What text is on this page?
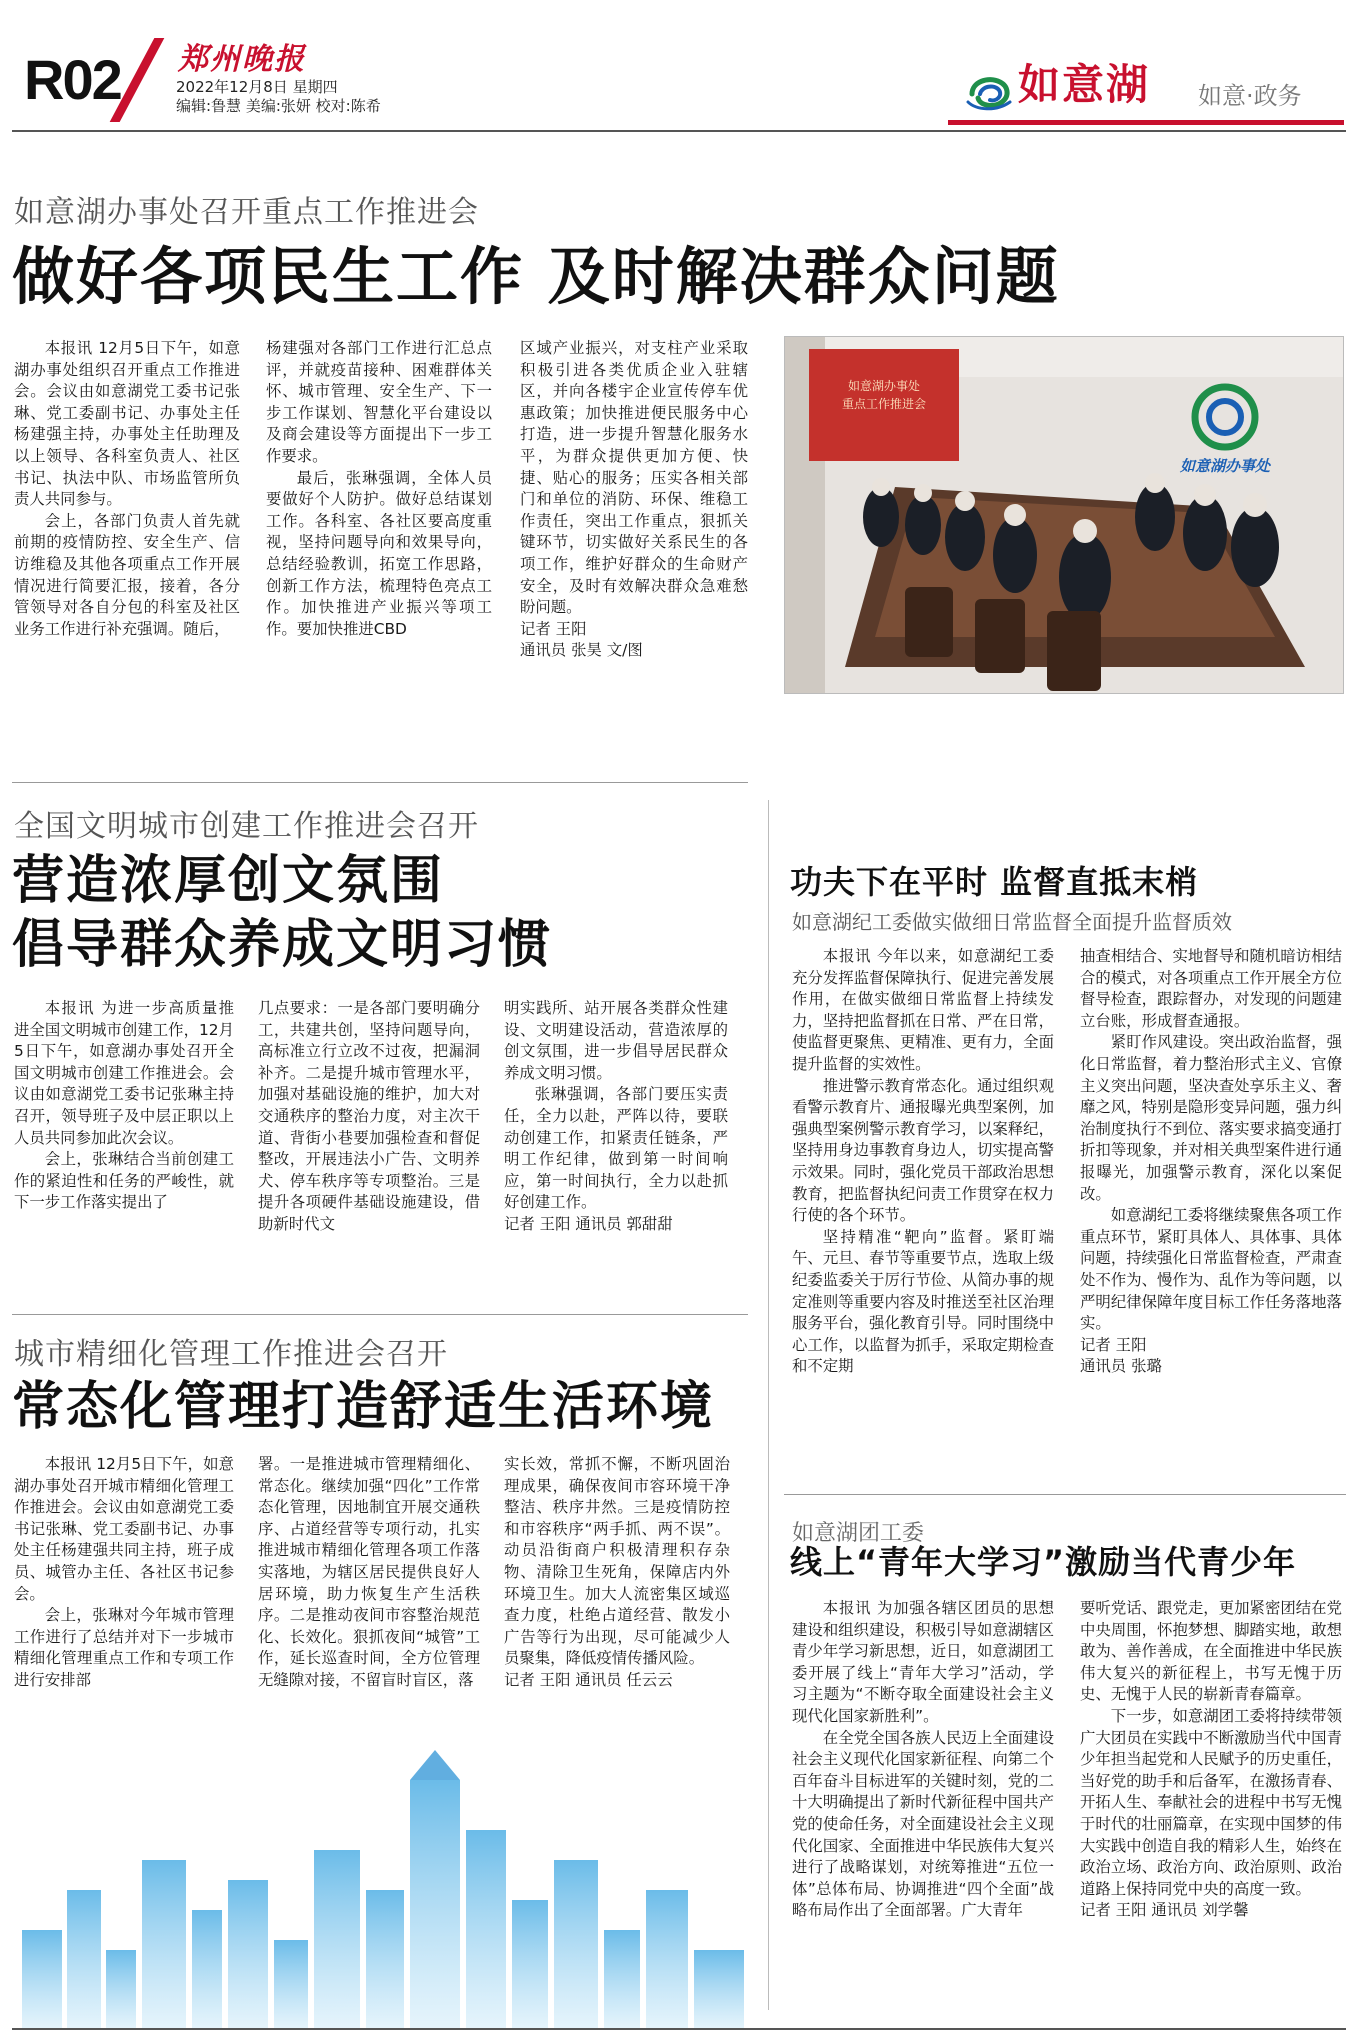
R02 郑州晚报
2022年12月8日 星期四
编辑:鲁慧 美编:张妍 校对:陈希	如意湖 如意·政务
如意湖办事处召开重点工作推进会
做好各项民生工作 及时解决群众问题

本报讯 12月5日下午，如意湖办事处组织召开重点工作推进会。会议由如意湖党工委书记张琳、党工委副书记、办事处主任杨建强主持，办事处主任助理及以上领导、各科室负责人、社区书记、执法中队、市场监管所负责人共同参与。

会上，各部门负责人首先就前期的疫情防控、安全生产、信访维稳及其他各项重点工作开展情况进行简要汇报，接着，各分管领导对各自分包的科室及社区业务工作进行补充强调。随后，

杨建强对各部门工作进行汇总点评，并就疫苗接种、困难群体关怀、城市管理、安全生产、下一步工作谋划、智慧化平台建设以及商会建设等方面提出下一步工作要求。

最后，张琳强调，全体人员要做好个人防护。做好总结谋划工作。各科室、各社区要高度重视，坚持问题导向和效果导向，总结经验教训，拓宽工作思路，创新工作方法，梳理特色亮点工作。加快推进产业振兴等项工作。要加快推进CBD

区域产业振兴，对支柱产业采取积极引进各类优质企业入驻辖区，并向各楼宇企业宣传停车优惠政策；加快推进便民服务中心打造，进一步提升智慧化服务水平，为群众提供更加方便、快捷、贴心的服务；压实各相关部门和单位的消防、环保、维稳工作责任，突出工作重点，狠抓关键环节，切实做好关系民生的各项工作，维护好群众的生命财产安全，及时有效解决群众急难愁盼问题。

记者 王阳

通讯员 张昊 文/图

如意湖办事处
重点工作推进会
如意湖办事处
全国文明城市创建工作推进会召开
营造浓厚创文氛围
倡导群众养成文明习惯

本报讯 为进一步高质量推进全国文明城市创建工作，12月5日下午，如意湖办事处召开全国文明城市创建工作推进会。会议由如意湖党工委书记张琳主持召开，领导班子及中层正职以上人员共同参加此次会议。

会上，张琳结合当前创建工作的紧迫性和任务的严峻性，就下一步工作落实提出了

几点要求：一是各部门要明确分工，共建共创，坚持问题导向，高标准立行立改不过夜，把漏洞补齐。二是提升城市管理水平，加强对基础设施的维护，加大对交通秩序的整治力度，对主次干道、背街小巷要加强检查和督促整改，开展违法小广告、文明养犬、停车秩序等专项整治。三是提升各项硬件基础设施建设，借助新时代文

明实践所、站开展各类群众性建设、文明建设活动，营造浓厚的创文氛围，进一步倡导居民群众养成文明习惯。

张琳强调，各部门要压实责任，全力以赴，严阵以待，要联动创建工作，扣紧责任链条，严明工作纪律，做到第一时间响应，第一时间执行，全力以赴抓好创建工作。

记者 王阳 通讯员 郭甜甜

功夫下在平时 监督直抵末梢
如意湖纪工委做实做细日常监督全面提升监督质效

本报讯 今年以来，如意湖纪工委充分发挥监督保障执行、促进完善发展作用，在做实做细日常监督上持续发力，坚持把监督抓在日常、严在日常，使监督更聚焦、更精准、更有力，全面提升监督的实效性。

推进警示教育常态化。通过组织观看警示教育片、通报曝光典型案例，加强典型案例警示教育学习，以案释纪，坚持用身边事教育身边人，切实提高警示效果。同时，强化党员干部政治思想教育，把监督执纪问责工作贯穿在权力行使的各个环节。

坚持精准“靶向”监督。紧盯端午、元旦、春节等重要节点，选取上级纪委监委关于厉行节俭、从简办事的规定准则等重要内容及时推送至社区治理服务平台，强化教育引导。同时围绕中心工作，以监督为抓手，采取定期检查和不定期

抽查相结合、实地督导和随机暗访相结合的模式，对各项重点工作开展全方位督导检查，跟踪督办，对发现的问题建立台账，形成督查通报。

紧盯作风建设。突出政治监督，强化日常监督，着力整治形式主义、官僚主义突出问题，坚决查处享乐主义、奢靡之风，特别是隐形变异问题，强力纠治制度执行不到位、落实要求搞变通打折扣等现象，并对相关典型案件进行通报曝光，加强警示教育，深化以案促改。

如意湖纪工委将继续聚焦各项工作重点环节，紧盯具体人、具体事、具体问题，持续强化日常监督检查，严肃查处不作为、慢作为、乱作为等问题，以严明纪律保障年度目标工作任务落地落实。

记者 王阳

通讯员 张璐

城市精细化管理工作推进会召开
常态化管理打造舒适生活环境

本报讯 12月5日下午，如意湖办事处召开城市精细化管理工作推进会。会议由如意湖党工委书记张琳、党工委副书记、办事处主任杨建强共同主持，班子成员、城管办主任、各社区书记参会。

会上，张琳对今年城市管理工作进行了总结并对下一步城市精细化管理重点工作和专项工作进行安排部

署。一是推进城市管理精细化、常态化。继续加强“四化”工作常态化管理，因地制宜开展交通秩序、占道经营等专项行动，扎实推进城市精细化管理各项工作落实落地，为辖区居民提供良好人居环境，助力恢复生产生活秩序。二是推动夜间市容整治规范化、长效化。狠抓夜间“城管”工作，延长巡查时间，全方位管理无缝隙对接，不留盲时盲区，落

实长效，常抓不懈，不断巩固治理成果，确保夜间市容环境干净整洁、秩序井然。三是疫情防控和市容秩序“两手抓、两不误”。动员沿街商户积极清理积存杂物、清除卫生死角，保障店内外环境卫生。加大人流密集区域巡查力度，杜绝占道经营、散发小广告等行为出现，尽可能减少人员聚集，降低疫情传播风险。

记者 王阳 通讯员 任云云

如意湖团工委
线上“青年大学习”激励当代青少年

本报讯 为加强各辖区团员的思想建设和组织建设，积极引导如意湖辖区青少年学习新思想，近日，如意湖团工委开展了线上“青年大学习”活动，学习主题为“不断夺取全面建设社会主义现代化国家新胜利”。

在全党全国各族人民迈上全面建设社会主义现代化国家新征程、向第二个百年奋斗目标进军的关键时刻，党的二十大明确提出了新时代新征程中国共产党的使命任务，对全面建设社会主义现代化国家、全面推进中华民族伟大复兴进行了战略谋划，对统筹推进“五位一体”总体布局、协调推进“四个全面”战略布局作出了全面部署。广大青年

要听党话、跟党走，更加紧密团结在党中央周围，怀抱梦想、脚踏实地，敢想敢为、善作善成，在全面推进中华民族伟大复兴的新征程上，书写无愧于历史、无愧于人民的崭新青春篇章。

下一步，如意湖团工委将持续带领广大团员在实践中不断激励当代中国青少年担当起党和人民赋予的历史重任，当好党的助手和后备军，在激扬青春、开拓人生、奉献社会的进程中书写无愧于时代的壮丽篇章，在实现中国梦的伟大实践中创造自我的精彩人生，始终在政治立场、政治方向、政治原则、政治道路上保持同党中央的高度一致。

记者 王阳 通讯员 刘学馨
